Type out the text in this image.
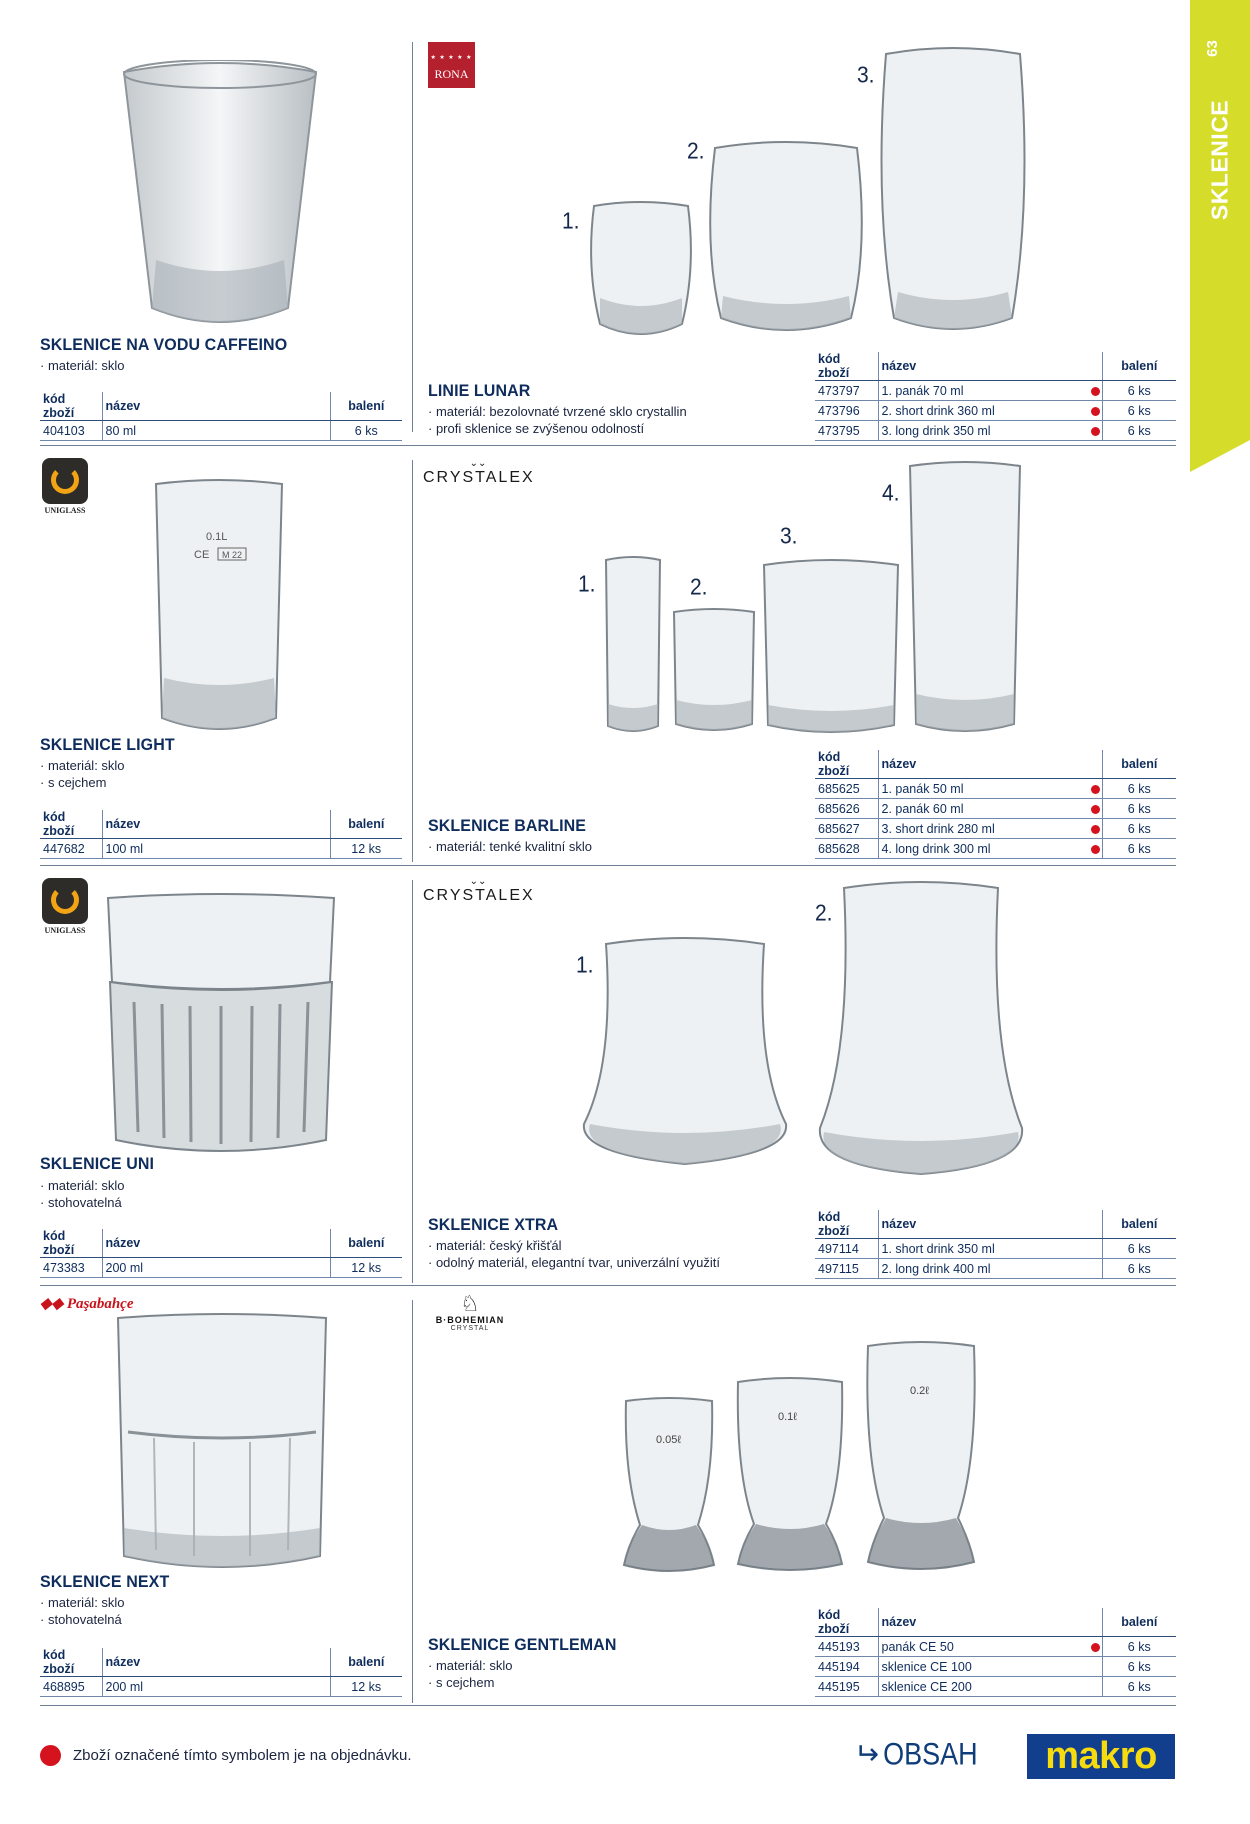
63
SKLENICE
SKLENICE NA VODU CAFFEINO
· materiál: sklo
kód zboží	název	balení
404103	80 ml	6 ks
★ ★ ★ ★ ★
RONA
1.
2.
3.
LINIE LUNAR
· materiál: bezolovnaté tvrzené sklo crystallin
· profi sklenice se zvýšenou odolností
kód zboží	název		balení
473797	1. panák 70 ml		6 ks
473796	2. short drink 360 ml		6 ks
473795	3. long drink 350 ml		6 ks
UNIGLASS
0.1L
CE M 22
SKLENICE LIGHT
· materiál: sklo
· s cejchem
kód zboží	název	balení
447682	100 ml	12 ks
⌄⌄
CRYSTALEX
1.	2.
3.
4.
SKLENICE BARLINE
· materiál: tenké kvalitní sklo
kód zboží	název		balení
685625	1. panák 50 ml		6 ks
685626	2. panák 60 ml		6 ks
685627	3. short drink 280 ml		6 ks
685628	4. long drink 300 ml		6 ks
UNIGLASS
SKLENICE UNI
· materiál: sklo
· stohovatelná
kód zboží	název	balení
473383	200 ml	12 ks
⌄⌄
CRYSTALEX
1.
2.
SKLENICE XTRA
· materiál: český křišťál
· odolný materiál, elegantní tvar, univerzální využití
kód zboží	název		balení
497114	1. short drink 350 ml		6 ks
497115	2. long drink 400 ml		6 ks
◆◆ Paşabahçe
SKLENICE NEXT
· materiál: sklo
· stohovatelná
kód zboží	název	balení
468895	200 ml	12 ks
♘
B·BOHEMIAN
CRYSTAL
0.05ℓ
0.1ℓ
0.2ℓ
SKLENICE GENTLEMAN
· materiál: sklo
· s cejchem
kód zboží	název		balení
445193	panák CE 50		6 ks
445194	sklenice CE 100		6 ks
445195	sklenice CE 200		6 ks
Zboží označené tímto symbolem je na objednávku.	↵ OBSAH	makro
